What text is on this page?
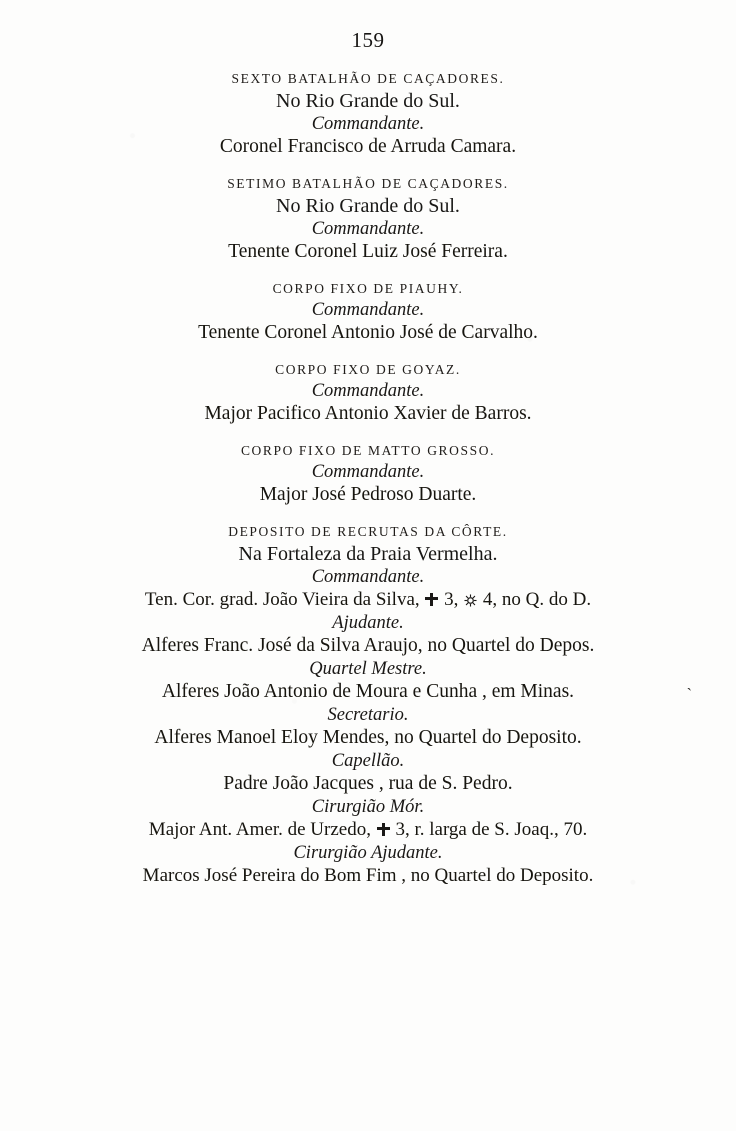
159
SEXTO BATALHÃO DE CAÇADORES.
No Rio Grande do Sul.
Commandante.
Coronel Francisco de Arruda Camara.
SETIMO BATALHÃO DE CAÇADORES.
No Rio Grande do Sul.
Commandante.
Tenente Coronel Luiz José Ferreira.
CORPO FIXO DE PIAUHY.
Commandante.
Tenente Coronel Antonio José de Carvalho.
CORPO FIXO DE GOYAZ.
Commandante.
Major Pacifico Antonio Xavier de Barros.
CORPO FIXO DE MATTO GROSSO.
Commandante.
Major José Pedroso Duarte.
DEPOSITO DE RECRUTAS DA CÔRTE.
Na Fortaleza da Praia Vermelha.
Commandante.
Ten. Cor. grad. João Vieira da Silva, 3, 4, no Q. do D.
Ajudante.
Alferes Franc. José da Silva Araujo, no Quartel do Depos.
Quartel Mestre.
Alferes João Antonio de Moura e Cunha , em Minas.
Secretario.
Alferes Manoel Eloy Mendes, no Quartel do Deposito.
Capellão.
Padre João Jacques , rua de S. Pedro.
Cirurgião Mór.
Major Ant. Amer. de Urzedo, 3, r. larga de S. Joaq., 70.
Cirurgião Ajudante.
Marcos José Pereira do Bom Fim , no Quartel do Deposito.
ˋ
